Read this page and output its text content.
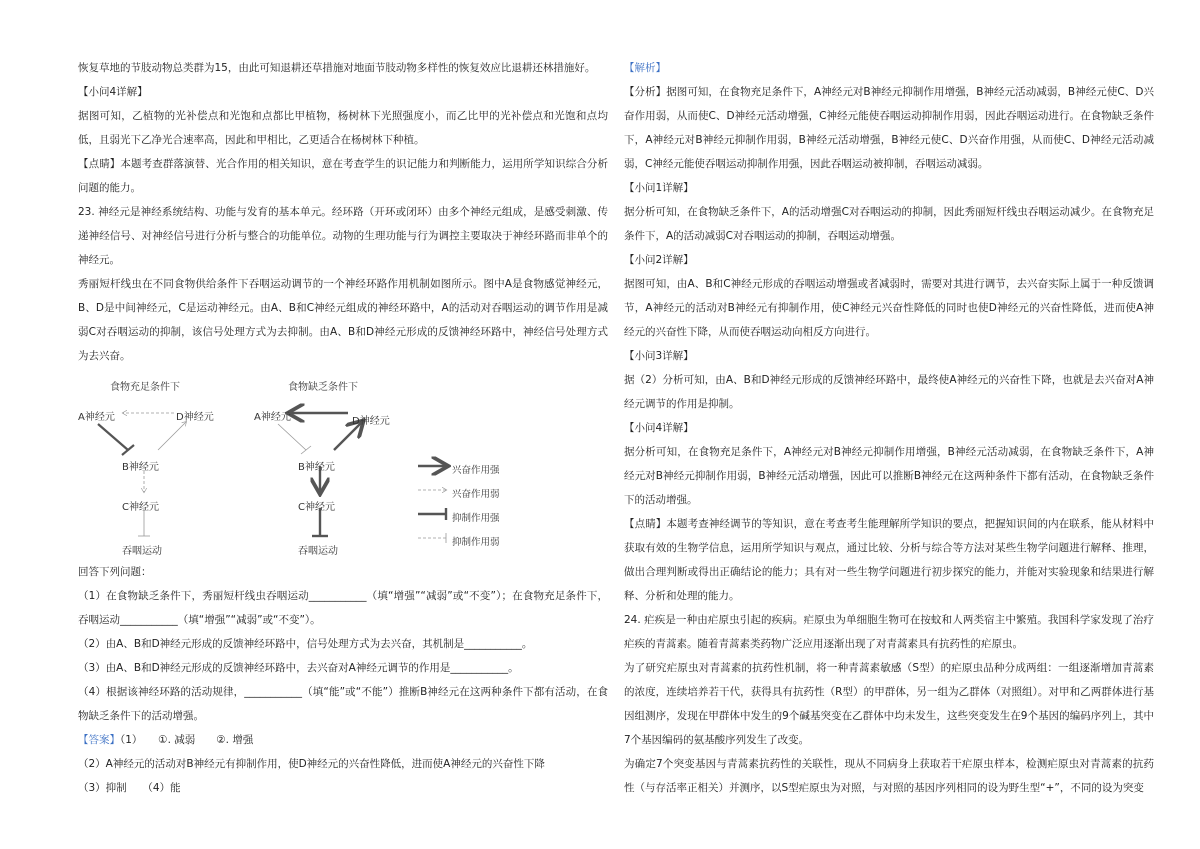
恢复草地的节肢动物总类群为15，由此可知退耕还草措施对地面节肢动物多样性的恢复效应比退耕还林措施好。

【小问4详解】

据图可知，乙植物的光补偿点和光饱和点都比甲植物，杨树林下光照强度小，而乙比甲的光补偿点和光饱和点均低，且弱光下乙净光合速率高，因此和甲相比，乙更适合在杨树林下种植。

【点睛】本题考查群落演替、光合作用的相关知识，意在考查学生的识记能力和判断能力，运用所学知识综合分析问题的能力。

23. 神经元是神经系统结构、功能与发育的基本单元。经环路（开环或闭环）由多个神经元组成，是感受刺激、传递神经信号、对神经信号进行分析与整合的功能单位。动物的生理功能与行为调控主要取决于神经环路而非单个的神经元。

秀丽短杆线虫在不同食物供给条件下吞咽运动调节的一个神经环路作用机制如图所示。图中A是食物感觉神经元，B、D是中间神经元，C是运动神经元。由A、B和C神经元组成的神经环路中，A的活动对吞咽运动的调节作用是减弱C对吞咽运动的抑制，该信号处理方式为去抑制。由A、B和D神经元形成的反馈神经环路中，神经信号处理方式为去兴奋。

食物充足条件下	食物缺乏条件下
A神经元	D神经元
B神经元
C神经元
吞咽运动
A神经元	D神经元
B神经元
C神经元
吞咽运动
兴奋作用强
兴奋作用弱
抑制作用强
抑制作用弱

回答下列问题：

（1）在食物缺乏条件下，秀丽短杆线虫吞咽运动___________（填“增强”“减弱”或“不变”）；在食物充足条件下，吞咽运动___________（填“增强”“减弱”或“不变”）。

（2）由A、B和D神经元形成的反馈神经环路中，信号处理方式为去兴奋，其机制是___________。

（3）由A、B和D神经元形成的反馈神经环路中，去兴奋对A神经元调节的作用是___________。

（4）根据该神经环路的活动规律，___________（填“能”或“不能”）推断B神经元在这两种条件下都有活动，在食物缺乏条件下的活动增强。

【答案】（1）　　①. 减弱　　②. 增强

（2）A神经元的活动对B神经元有抑制作用，使D神经元的兴奋性降低，进而使A神经元的兴奋性下降

（3）抑制　　（4）能

【解析】

【分析】据图可知，在食物充足条件下，A神经元对B神经元抑制作用增强，B神经元活动减弱，B神经元使C、D兴奋作用弱，从而使C、D神经元活动增强，C神经元能使吞咽运动抑制作用弱，因此吞咽运动进行。在食物缺乏条件下，A神经元对B神经元抑制作用弱，B神经元活动增强，B神经元使C、D兴奋作用强，从而使C、D神经元活动减弱，C神经元能使吞咽运动抑制作用强，因此吞咽运动被抑制，吞咽运动减弱。

【小问1详解】

据分析可知，在食物缺乏条件下，A的活动增强C对吞咽运动的抑制，因此秀丽短杆线虫吞咽运动减少。在食物充足条件下，A的活动减弱C对吞咽运动的抑制，吞咽运动增强。

【小问2详解】

据图可知，由A、B和C神经元形成的吞咽运动增强或者减弱时，需要对其进行调节，去兴奋实际上属于一种反馈调节，A神经元的活动对B神经元有抑制作用，使C神经元兴奋性降低的同时也使D神经元的兴奋性降低，进而使A神经元的兴奋性下降，从而使吞咽运动向相反方向进行。

【小问3详解】

据（2）分析可知，由A、B和D神经元形成的反馈神经环路中，最终使A神经元的兴奋性下降，也就是去兴奋对A神经元调节的作用是抑制。

【小问4详解】

据分析可知，在食物充足条件下，A神经元对B神经元抑制作用增强，B神经元活动减弱，在食物缺乏条件下，A神经元对B神经元抑制作用弱，B神经元活动增强，因此可以推断B神经元在这两种条件下都有活动，在食物缺乏条件下的活动增强。

【点睛】本题考查神经调节的等知识，意在考查考生能理解所学知识的要点，把握知识间的内在联系，能从材料中获取有效的生物学信息，运用所学知识与观点，通过比较、分析与综合等方法对某些生物学问题进行解释、推理，做出合理判断或得出正确结论的能力；具有对一些生物学问题进行初步探究的能力，并能对实验现象和结果进行解释、分析和处理的能力。

24. 疟疾是一种由疟原虫引起的疾病。疟原虫为单细胞生物可在按蚊和人两类宿主中繁殖。我国科学家发现了治疗疟疾的青蒿素。随着青蒿素类药物广泛应用逐渐出现了对青蒿素具有抗药性的疟原虫。

为了研究疟原虫对青蒿素的抗药性机制，将一种青蒿素敏感（S型）的疟原虫品种分成两组：一组逐渐增加青蒿素的浓度，连续培养若干代，获得具有抗药性（R型）的甲群体，另一组为乙群体（对照组）。对甲和乙两群体进行基因组测序，发现在甲群体中发生的9个碱基突变在乙群体中均未发生，这些突变发生在9个基因的编码序列上，其中7个基因编码的氨基酸序列发生了改变。

为确定7个突变基因与青蒿素抗药性的关联性，现从不同病身上获取若干疟原虫样本，检测疟原虫对青蒿素的抗药性（与存活率正相关）并测序，以S型疟原虫为对照，与对照的基因序列相同的设为野生型“+”，不同的设为突变
